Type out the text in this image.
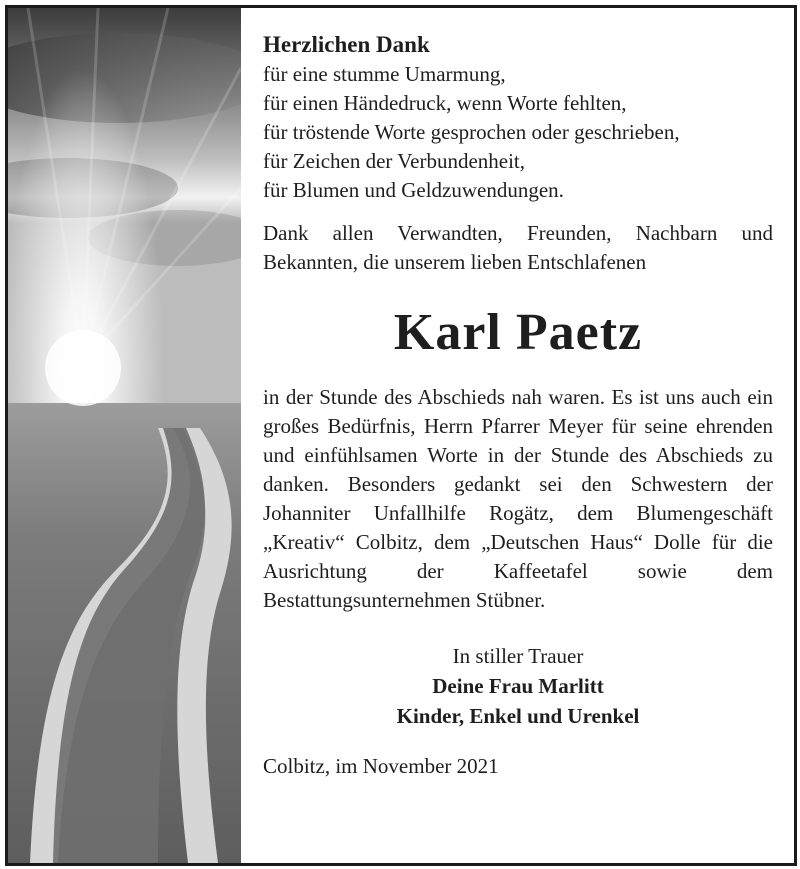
Herzlichen Dank

für eine stumme Umarmung,
für einen Händedruck, wenn Worte fehlten,
für tröstende Worte gesprochen oder geschrieben,
für Zeichen der Verbundenheit,
für Blumen und Geldzuwendungen.

Dank allen Verwandten, Freunden, Nachbarn und Bekannten, die unserem lieben Entschlafenen

Karl Paetz

in der Stunde des Abschieds nah waren. Es ist uns auch ein großes Bedürfnis, Herrn Pfarrer Meyer für seine ehrenden und einfühlsamen Worte in der Stunde des Abschieds zu danken. Besonders gedankt sei den Schwestern der Johanniter Unfallhilfe Rogätz, dem Blumengeschäft „Kreativ“ Colbitz, dem „Deutschen Haus“ Dolle für die Ausrichtung der Kaffeetafel sowie dem Bestattungsunternehmen Stübner.

In stiller Trauer
Deine Frau Marlitt
Kinder, Enkel und Urenkel
Colbitz, im November 2021
